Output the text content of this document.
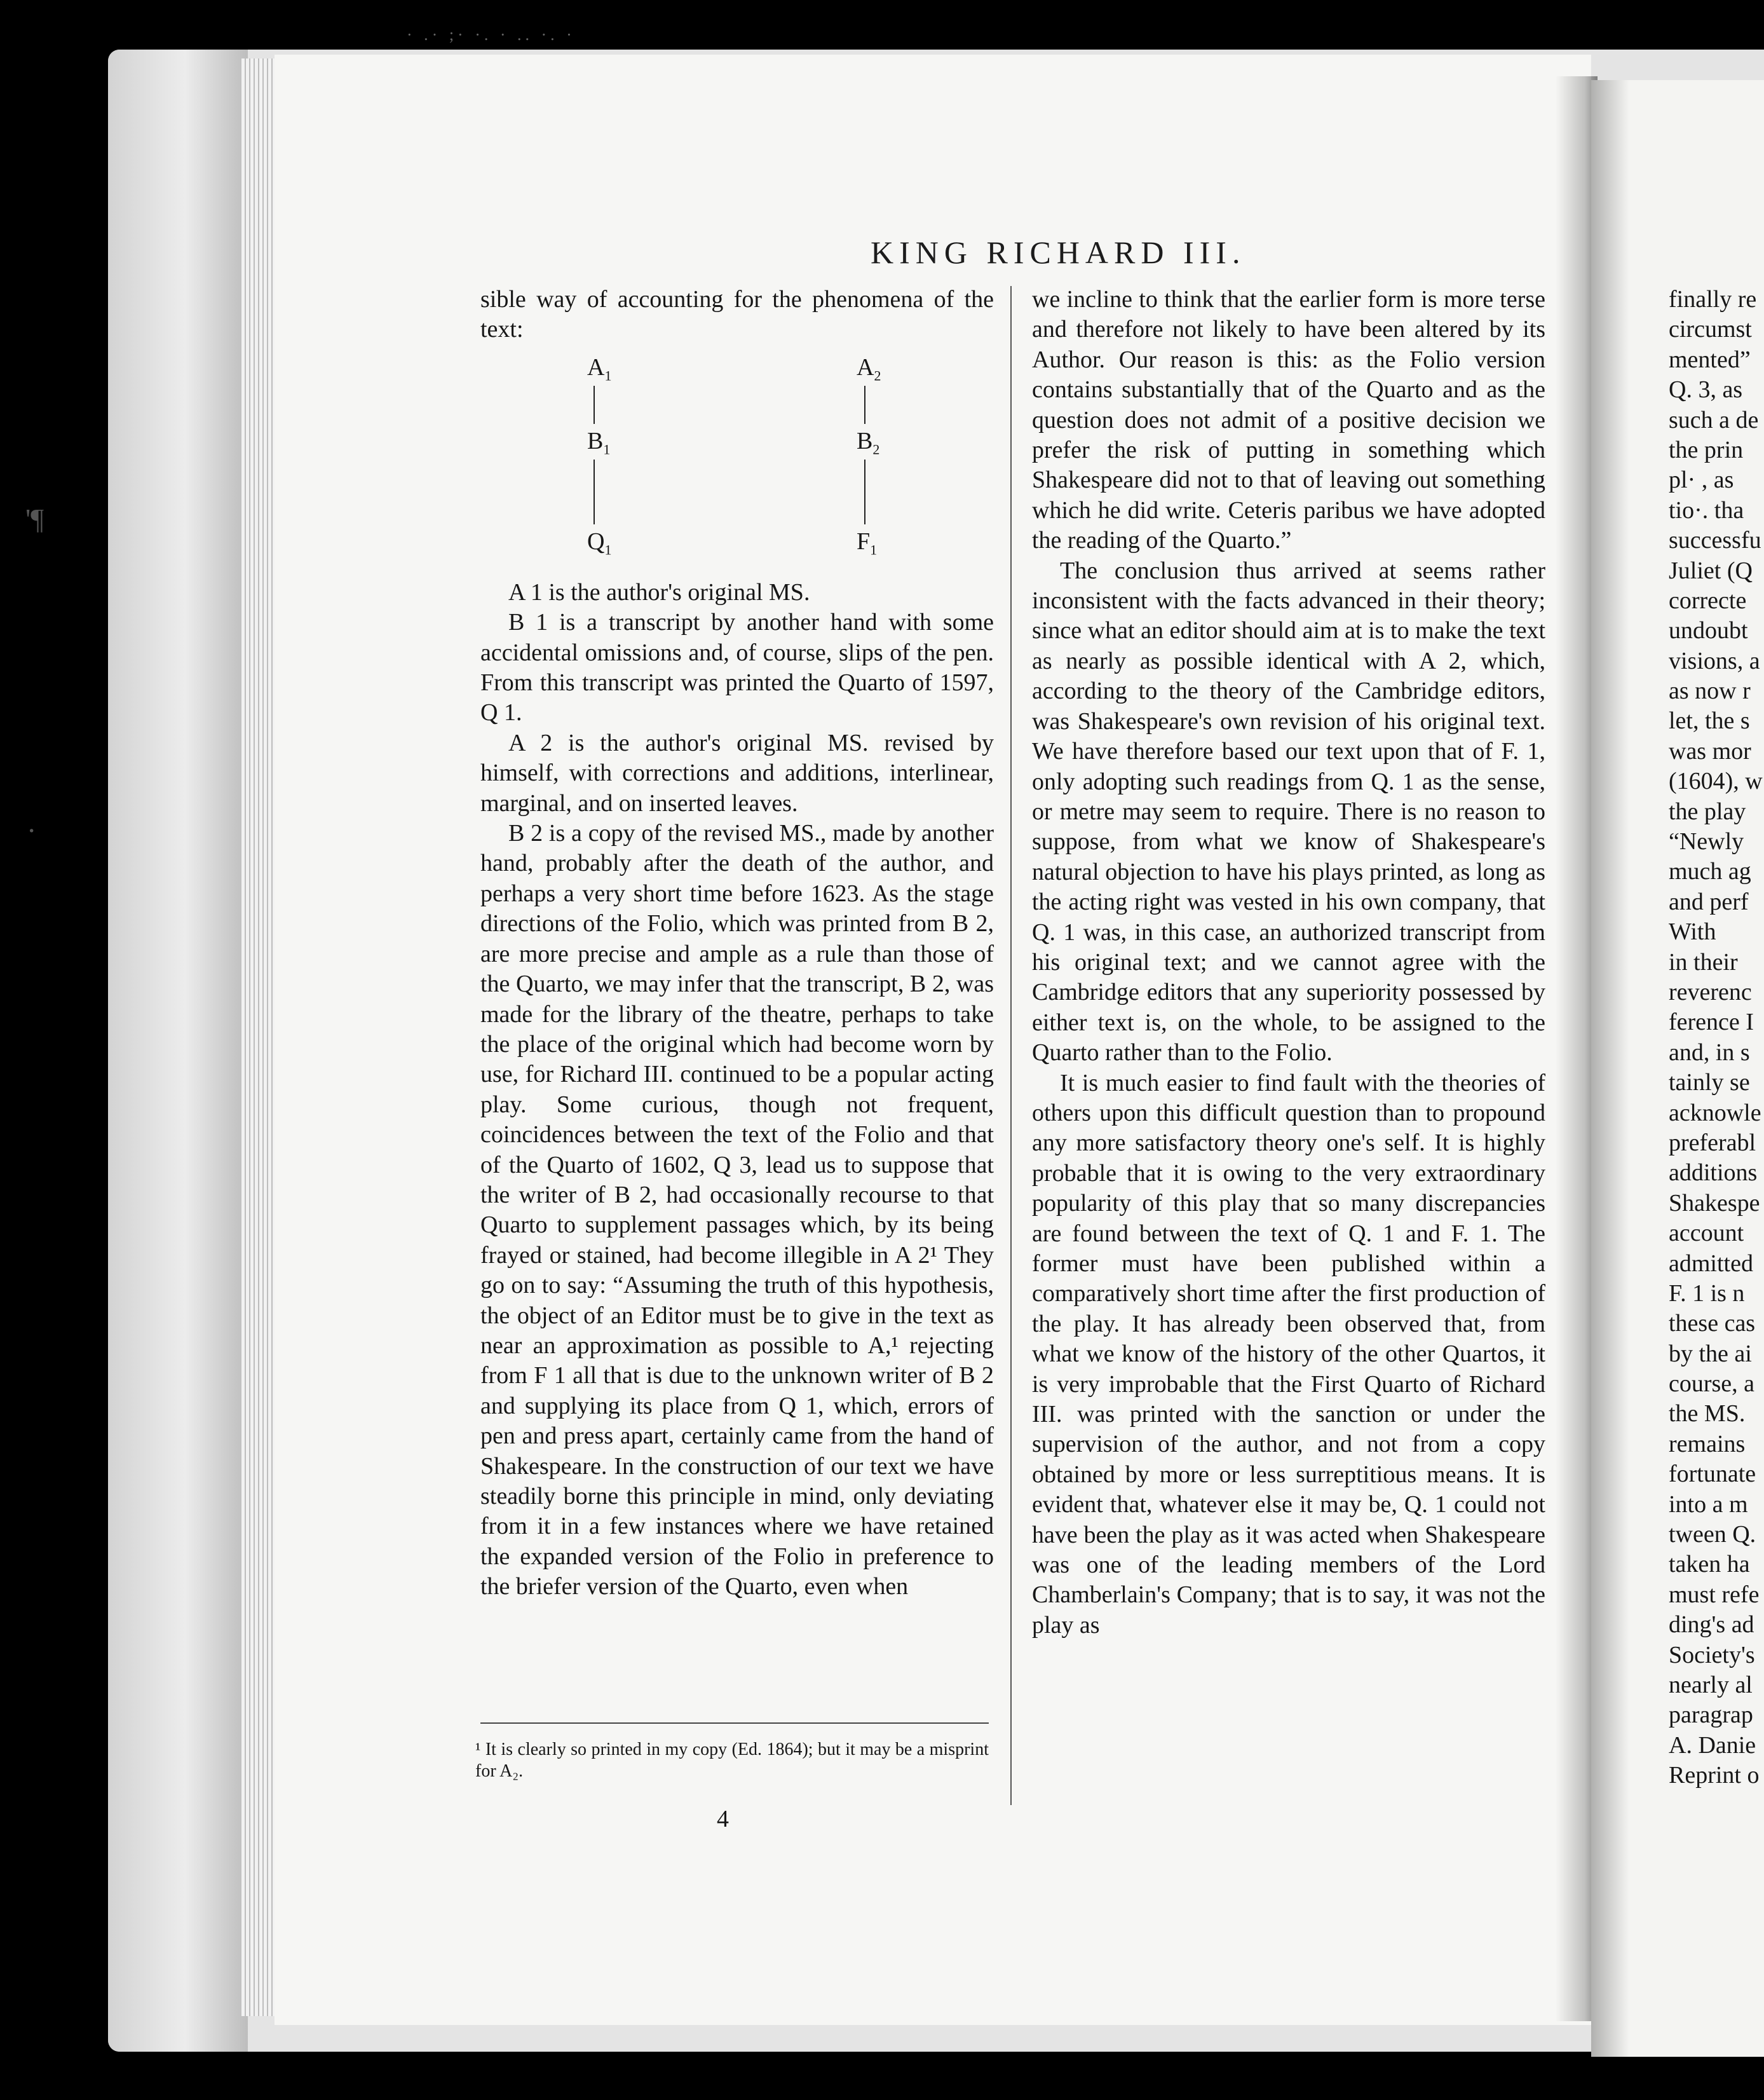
· .· ;· ·. · .. ·. ·
'¶
·
KING RICHARD III.

sible way of accounting for the phenomena of the text:

$A_1$
$B_1$
$Q_1$
$A_2$
$B_2$
$F_1$

A 1 is the author's original MS.

B 1 is a transcript by another hand with some accidental omissions and, of course, slips of the pen. From this transcript was printed the Quarto of 1597, Q 1.

A 2 is the author's original MS. revised by himself, with corrections and additions, interlinear, marginal, and on inserted leaves.

B 2 is a copy of the revised MS., made by another hand, probably after the death of the author, and perhaps a very short time before 1623. As the stage directions of the Folio, which was printed from B 2, are more precise and ample as a rule than those of the Quarto, we may infer that the transcript, B 2, was made for the library of the theatre, perhaps to take the place of the original which had become worn by use, for Richard III. continued to be a popular acting play. Some curious, though not frequent, coincidences between the text of the Folio and that of the Quarto of 1602, Q 3, lead us to suppose that the writer of B 2, had occasionally recourse to that Quarto to supplement passages which, by its being frayed or stained, had become illegible in A 2¹ They go on to say: “Assuming the truth of this hypothesis, the object of an Editor must be to give in the text as near an approximation as possible to A,¹ rejecting from F 1 all that is due to the unknown writer of B 2 and supplying its place from Q 1, which, errors of pen and press apart, certainly came from the hand of Shakespeare. In the construction of our text we have steadily borne this principle in mind, only deviating from it in a few instances where we have retained the expanded version of the Folio in preference to the briefer version of the Quarto, even when

we incline to think that the earlier form is more terse and therefore not likely to have been altered by its Author. Our reason is this: as the Folio version contains substantially that of the Quarto and as the question does not admit of a positive decision we prefer the risk of putting in something which Shakespeare did not to that of leaving out something which he did write. Ceteris paribus we have adopted the reading of the Quarto.”

The conclusion thus arrived at seems rather inconsistent with the facts advanced in their theory; since what an editor should aim at is to make the text as nearly as possible identical with A 2, which, according to the theory of the Cambridge editors, was Shakespeare's own revision of his original text. We have therefore based our text upon that of F. 1, only adopting such readings from Q. 1 as the sense, or metre may seem to require. There is no reason to suppose, from what we know of Shakespeare's natural objection to have his plays printed, as long as the acting right was vested in his own company, that Q. 1 was, in this case, an authorized transcript from his original text; and we cannot agree with the Cambridge editors that any superiority possessed by either text is, on the whole, to be assigned to the Quarto rather than to the Folio.

It is much easier to find fault with the theories of others upon this difficult question than to propound any more satisfactory theory one's self. It is highly probable that it is owing to the very extraordinary popularity of this play that so many discrepancies are found between the text of Q. 1 and F. 1. The former must have been published within a comparatively short time after the first production of the play. It has already been observed that, from what we know of the history of the other Quartos, it is very improbable that the First Quarto of Richard III. was printed with the sanction or under the supervision of the author, and not from a copy obtained by more or less surreptitious means. It is evident that, whatever else it may be, Q. 1 could not have been the play as it was acted when Shakespeare was one of the leading members of the Lord Chamberlain's Company; that is to say, it was not the play as

¹ It is clearly so printed in my copy (Ed. 1864); but it may be a misprint for A₂.
4
finally re
circumst
mented”
Q. 3, as
such a de
the prin
pl· , as
tio·. tha
successfu
Juliet (Q
correcte
undoubt
visions, a
as now r
let, the s
was mor
(1604), w
the play
“Newly
much ag
and perf
With
in their
reverenc
ference I
and, in s
tainly se
acknowle
preferabl
additions
Shakespe
account
admitted
F. 1 is n
these cas
by the ai
course, a
the MS.
remains
fortunate
into a m
tween Q.
taken ha
must refe
ding's ad
Society's
nearly al
paragrap
A. Danie
Reprint o
